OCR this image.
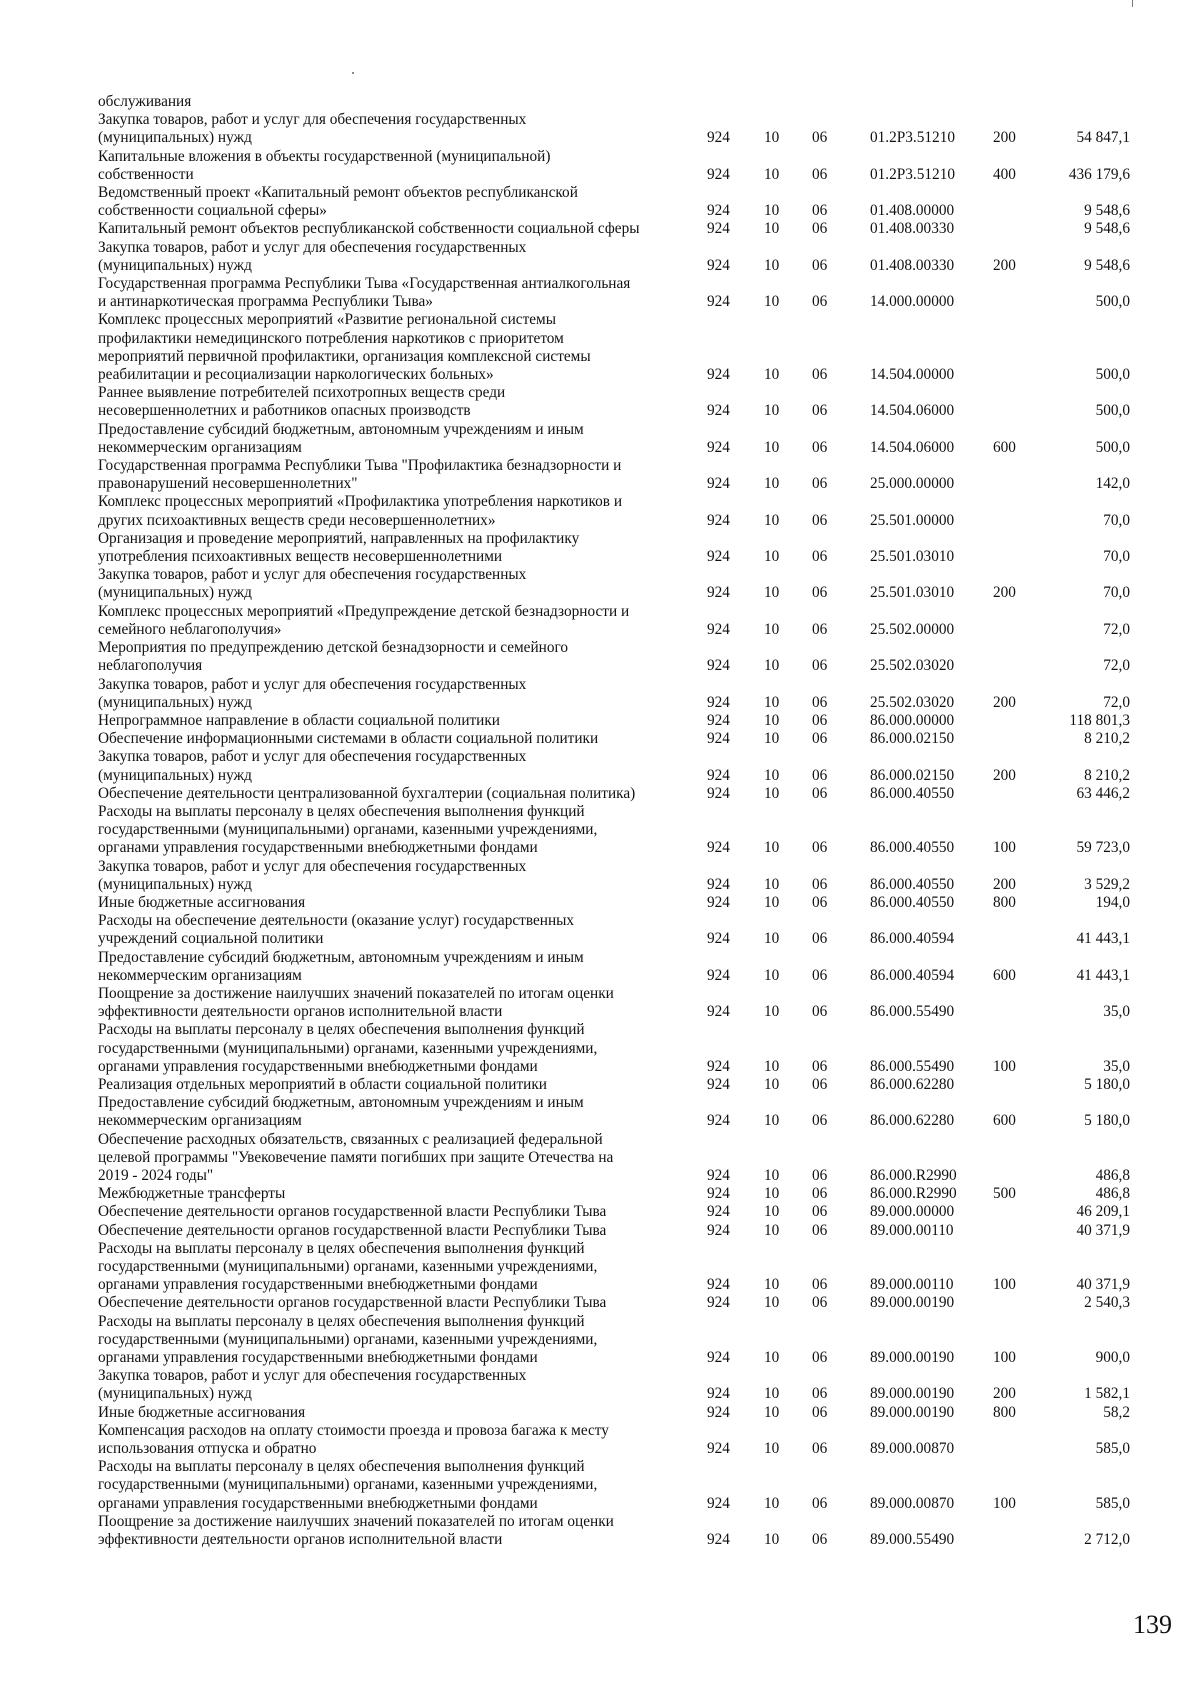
обслуживания
Закупка товаров, работ и услуг для обеспечения государственных
(муниципальных) нужд	924 10 06	01.2Р3.51210 200	54 847,1
Капитальные вложения в объекты государственной (муниципальной)
собственности	924 10 06	01.2Р3.51210 400	436 179,6
Ведомственный проект «Капитальный ремонт объектов республиканской
собственности социальной сферы»	924 10 06	01.408.00000	9 548,6
Капитальный ремонт объектов республиканской собственности социальной сферы	924 10 06	01.408.00330	9 548,6
Закупка товаров, работ и услуг для обеспечения государственных
(муниципальных) нужд	924 10 06	01.408.00330	200	9 548,6
Государственная программа Республики Тыва «Государственная антиалкогольная
и антинаркотическая программа Республики Тыва»	924 10 06	14.000.00000	500,0
Комплекс процессных мероприятий «Развитие региональной системы
профилактики немедицинского потребления наркотиков с приоритетом
мероприятий первичной профилактики, организация комплексной системы
реабилитации и ресоциализации наркологических больных»	924 10 06	14.504.00000	500,0
Раннее выявление потребителей психотропных веществ среди
несовершеннолетних и работников опасных производств	924 10 06	14.504.06000	500,0
Предоставление субсидий бюджетным, автономным учреждениям и иным
некоммерческим организациям	924 10 06	14.504.06000	600	500,0
Государственная программа Республики Тыва "Профилактика безнадзорности и
правонарушений несовершеннолетних"	924 10 06	25.000.00000	142,0
Комплекс процессных мероприятий «Профилактика употребления наркотиков и
других психоактивных веществ среди несовершеннолетних»	924 10 06	25.501.00000	70,0
Организация и проведение мероприятий, направленных на профилактику
употребления психоактивных веществ несовершеннолетними	924 10 06	25.501.03010	70,0
Закупка товаров, работ и услуг для обеспечения государственных
(муниципальных) нужд	924 10 06	25.501.03010	200	70,0
Комплекс процессных мероприятий «Предупреждение детской безнадзорности и
семейного неблагополучия»	924 10 06	25.502.00000	72,0
Мероприятия по предупреждению детской безнадзорности и семейного
неблагополучия	924 10 06	25.502.03020	72,0
Закупка товаров, работ и услуг для обеспечения государственных
(муниципальных) нужд	924 10 06	25.502.03020	200	72,0
Непрограммное направление в области социальной политики	924 10 06	86.000.00000	118 801,3
Обеспечение информационными системами в области социальной политики	924 10 06	86.000.02150	8 210,2
Закупка товаров, работ и услуг для обеспечения государственных
(муниципальных) нужд	924 10 06	86.000.02150	200	8 210,2
Обеспечение деятельности централизованной бухгалтерии (социальная политика)	924 10 06	86.000.40550	63 446,2
Расходы на выплаты персоналу в целях обеспечения выполнения функций
государственными (муниципальными) органами, казенными учреждениями,
органами управления государственными внебюджетными фондами	924 10 06	86.000.40550	100	59 723,0
Закупка товаров, работ и услуг для обеспечения государственных
(муниципальных) нужд	924 10 06	86.000.40550	200	3 529,2
Иные бюджетные ассигнования	924 10 06	86.000.40550	800	194,0
Расходы на обеспечение деятельности (оказание услуг) государственных
учреждений социальной политики	924 10 06	86.000.40594	41 443,1
Предоставление субсидий бюджетным, автономным учреждениям и иным
некоммерческим организациям	924 10 06	86.000.40594	600	41 443,1
Поощрение за достижение наилучших значений показателей по итогам оценки
эффективности деятельности органов исполнительной власти	924 10 06	86.000.55490	35,0
Расходы на выплаты персоналу в целях обеспечения выполнения функций
государственными (муниципальными) органами, казенными учреждениями,
органами управления государственными внебюджетными фондами	924 10 06	86.000.55490	100	35,0
Реализация отдельных мероприятий в области социальной политики	924 10 06	86.000.62280	5 180,0
Предоставление субсидий бюджетным, автономным учреждениям и иным
некоммерческим организациям	924 10 06	86.000.62280	600	5 180,0
Обеспечение расходных обязательств, связанных с реализацией федеральной
целевой программы "Увековечение памяти погибших при защите Отечества на
2019 - 2024 годы"	924 10 06	86.000.R2990	486,8
Межбюджетные трансферты	924 10 06	86.000.R2990 500	486,8
Обеспечение деятельности органов государственной власти Республики Тыва	924 10 06	89.000.00000	46 209,1
Обеспечение деятельности органов государственной власти Республики Тыва	924 10 06	89.000.00110	40 371,9
Расходы на выплаты персоналу в целях обеспечения выполнения функций
государственными (муниципальными) органами, казенными учреждениями,
органами управления государственными внебюджетными фондами	924 10 06	89.000.00110	100	40 371,9
Обеспечение деятельности органов государственной власти Республики Тыва	924 10 06	89.000.00190	2 540,3
Расходы на выплаты персоналу в целях обеспечения выполнения функций
государственными (муниципальными) органами, казенными учреждениями,
органами управления государственными внебюджетными фондами	924 10 06	89.000.00190	100	900,0
Закупка товаров, работ и услуг для обеспечения государственных
(муниципальных) нужд	924 10 06	89.000.00190	200	1 582,1
Иные бюджетные ассигнования	924 10 06	89.000.00190	800	58,2
Компенсация расходов на оплату стоимости проезда и провоза багажа к месту
использования отпуска и обратно	924 10 06	89.000.00870	585,0
Расходы на выплаты персоналу в целях обеспечения выполнения функций
государственными (муниципальными) органами, казенными учреждениями,
органами управления государственными внебюджетными фондами	924 10 06	89.000.00870	100	585,0
Поощрение за достижение наилучших значений показателей по итогам оценки
эффективности деятельности органов исполнительной власти	924 10 06	89.000.55490	2 712,0
139
